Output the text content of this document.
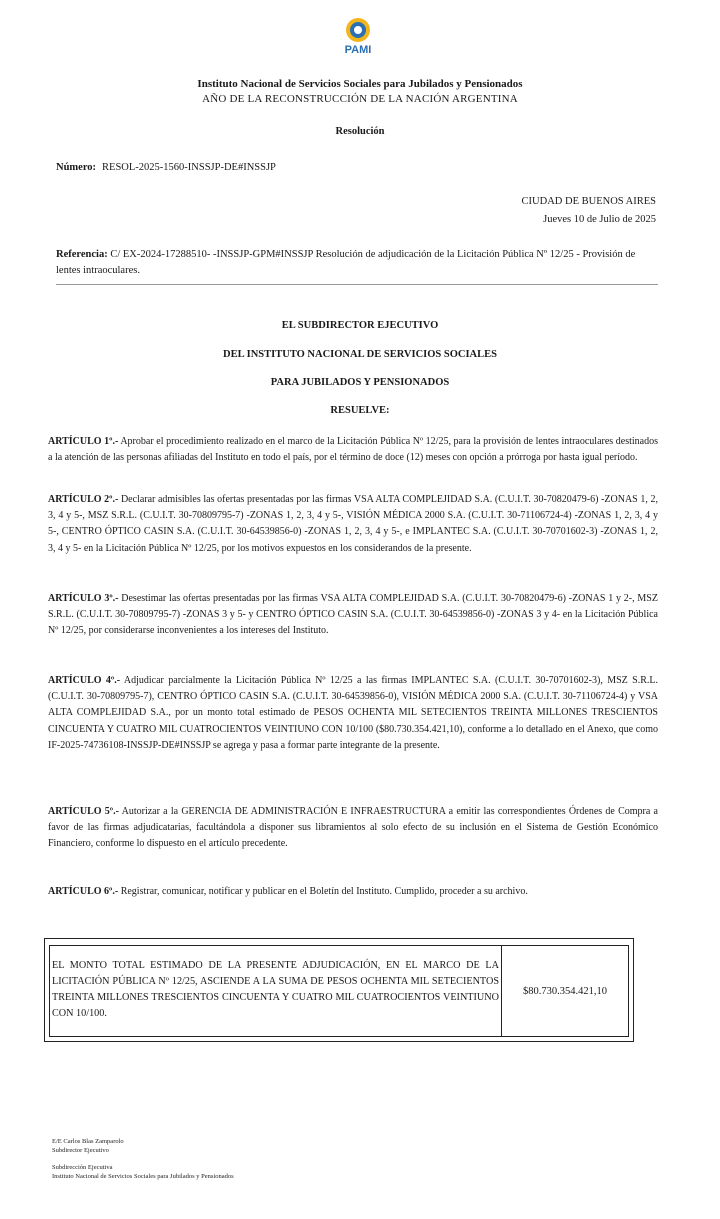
PAMI
Instituto Nacional de Servicios Sociales para Jubilados y Pensionados
AÑO DE LA RECONSTRUCCIÓN DE LA NACIÓN ARGENTINA
Resolución
Número: RESOL-2025-1560-INSSJP-DE#INSSJP
CIUDAD DE BUENOS AIRES
Jueves 10 de Julio de 2025
Referencia: C/ EX-2024-17288510- -INSSJP-GPM#INSSJP Resolución de adjudicación de la Licitación Pública Nº 12/25 - Provisión de lentes intraoculares.
EL SUBDIRECTOR EJECUTIVO
DEL INSTITUTO NACIONAL DE SERVICIOS SOCIALES
PARA JUBILADOS Y PENSIONADOS
RESUELVE:
ARTÍCULO 1º.- Aprobar el procedimiento realizado en el marco de la Licitación Pública Nº 12/25, para la provisión de lentes intraoculares destinados a la atención de las personas afiliadas del Instituto en todo el país, por el término de doce (12) meses con opción a prórroga por hasta igual período.
ARTÍCULO 2º.- Declarar admisibles las ofertas presentadas por las firmas VSA ALTA COMPLEJIDAD S.A. (C.U.I.T. 30-70820479-6) -ZONAS 1, 2, 3, 4 y 5-, MSZ S.R.L. (C.U.I.T. 30-70809795-7) -ZONAS 1, 2, 3, 4 y 5-, VISIÓN MÉDICA 2000 S.A. (C.U.I.T. 30-71106724-4) -ZONAS 1, 2, 3, 4 y 5-, CENTRO ÓPTICO CASIN S.A. (C.U.I.T. 30-64539856-0) -ZONAS 1, 2, 3, 4 y 5-, e IMPLANTEC S.A. (C.U.I.T. 30-70701602-3) -ZONAS 1, 2, 3, 4 y 5- en la Licitación Pública Nº 12/25, por los motivos expuestos en los considerandos de la presente.
ARTÍCULO 3º.- Desestimar las ofertas presentadas por las firmas VSA ALTA COMPLEJIDAD S.A. (C.U.I.T. 30-70820479-6) -ZONAS 1 y 2-, MSZ S.R.L. (C.U.I.T. 30-70809795-7) -ZONAS 3 y 5- y CENTRO ÓPTICO CASIN S.A. (C.U.I.T. 30-64539856-0) -ZONAS 3 y 4- en la Licitación Pública Nº 12/25, por considerarse inconvenientes a los intereses del Instituto.
ARTÍCULO 4º.- Adjudicar parcialmente la Licitación Pública Nº 12/25 a las firmas IMPLANTEC S.A. (C.U.I.T. 30-70701602-3), MSZ S.R.L. (C.U.I.T. 30-70809795-7), CENTRO ÓPTICO CASIN S.A. (C.U.I.T. 30-64539856-0), VISIÓN MÉDICA 2000 S.A. (C.U.I.T. 30-71106724-4) y VSA ALTA COMPLEJIDAD S.A., por un monto total estimado de PESOS OCHENTA MIL SETECIENTOS TREINTA MILLONES TRESCIENTOS CINCUENTA Y CUATRO MIL CUATROCIENTOS VEINTIUNO CON 10/100 ($80.730.354.421,10), conforme a lo detallado en el Anexo, que como IF-2025-74736108-INSSJP-DE#INSSJP se agrega y pasa a formar parte integrante de la presente.
ARTÍCULO 5º.- Autorizar a la GERENCIA DE ADMINISTRACIÓN E INFRAESTRUCTURA a emitir las correspondientes Órdenes de Compra a favor de las firmas adjudicatarias, facultándola a disponer sus libramientos al solo efecto de su inclusión en el Sistema de Gestión Económico Financiero, conforme lo dispuesto en el artículo precedente.
ARTÍCULO 6º.- Registrar, comunicar, notificar y publicar en el Boletín del Instituto. Cumplido, proceder a su archivo.
EL MONTO TOTAL ESTIMADO DE LA PRESENTE ADJUDICACIÓN, EN EL MARCO DE LA LICITACIÓN PÚBLICA Nº 12/25, ASCIENDE A LA SUMA DE PESOS OCHENTA MIL SETECIENTOS TREINTA MILLONES TRESCIENTOS CINCUENTA Y CUATRO MIL CUATROCIENTOS VEINTIUNO CON 10/100.
$80.730.354.421,10
E/E Carlos Blas Zamparolo
Subdirector Ejecutivo
Subdirección Ejecutiva
Instituto Nacional de Servicios Sociales para Jubilados y Pensionados
